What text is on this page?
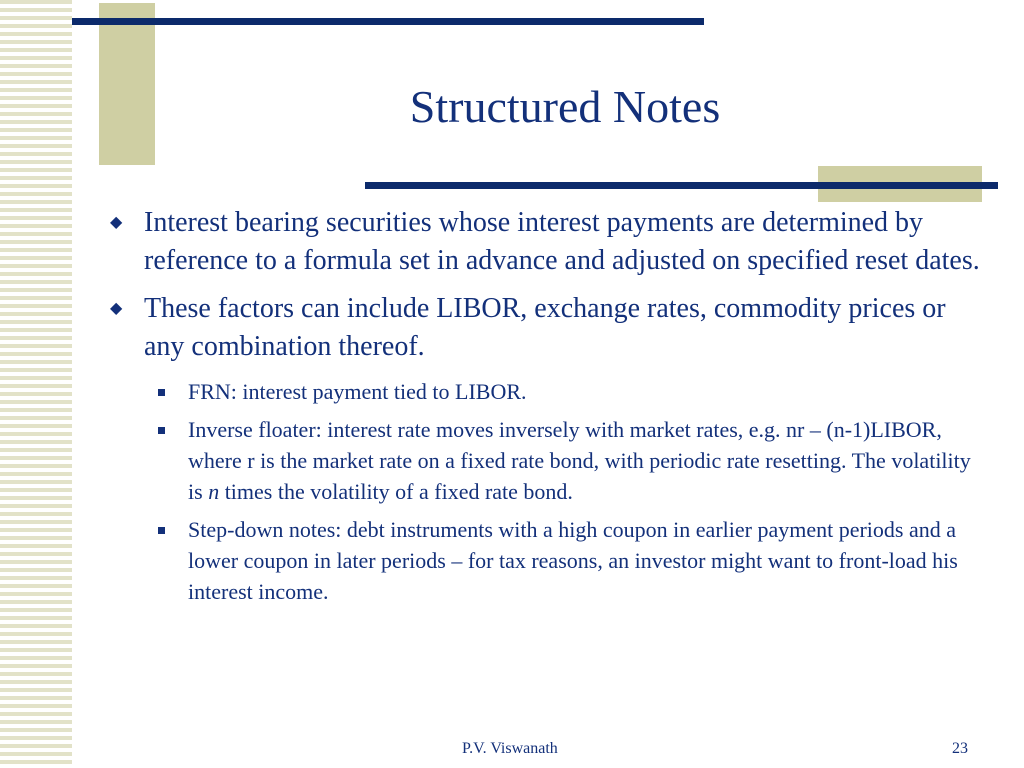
Structured Notes
◆ Interest bearing securities whose interest payments are determined by reference to a formula set in advance and adjusted on specified reset dates.
◆ These factors can include LIBOR, exchange rates, commodity prices or any combination thereof.
FRN: interest payment tied to LIBOR.
Inverse floater: interest rate moves inversely with market rates, e.g. nr – (n-1)LIBOR, where r is the market rate on a fixed rate bond, with periodic rate resetting. The volatility is n times the volatility of a fixed rate bond.
Step-down notes: debt instruments with a high coupon in earlier payment periods and a lower coupon in later periods – for tax reasons, an investor might want to front-load his interest income.
P.V. Viswanath	23
